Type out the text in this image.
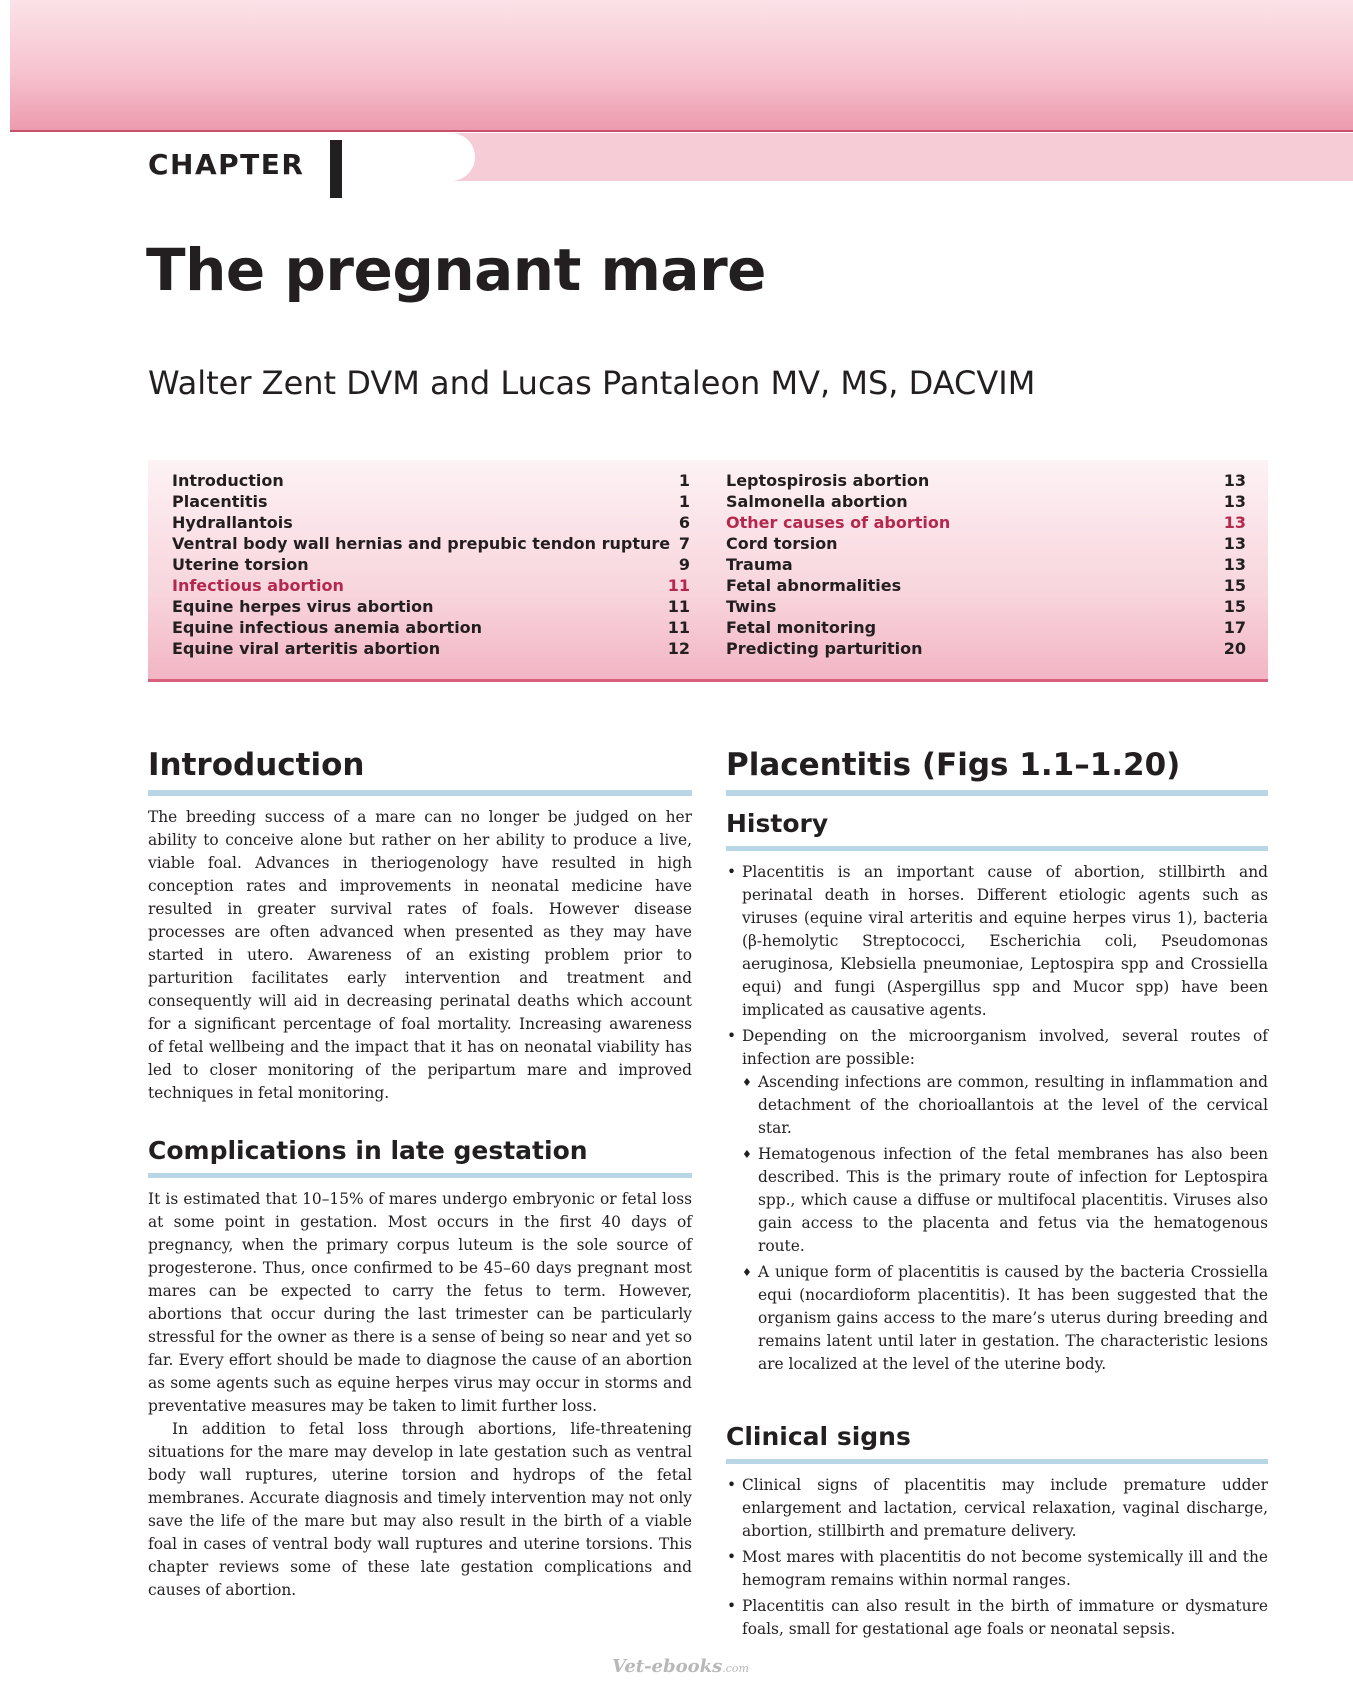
CHAPTER
The pregnant mare
Walter Zent DVM and Lucas Pantaleon MV, MS, DACVIM
Introduction	1
Placentitis	1
Hydrallantois	6
Ventral body wall hernias and prepubic tendon rupture 7
Uterine torsion	9
Infectious abortion	11
Equine herpes virus abortion	11
Equine infectious anemia abortion	11
Equine viral arteritis abortion	12
Leptospirosis abortion	13
Salmonella abortion	13
Other causes of abortion	13
Cord torsion	13
Trauma	13
Fetal abnormalities	15
Twins	15
Fetal monitoring	17
Predicting parturition	20
Introduction

The breeding success of a mare can no longer be judged on her ability to conceive alone but rather on her ability to produce a live, viable foal. Advances in theriogenology have resulted in high conception rates and improvements in neonatal medicine have resulted in greater survival rates of foals. However disease processes are often advanced when presented as they may have started in utero. Awareness of an existing problem prior to parturition facilitates early intervention and treatment and consequently will aid in decreasing perinatal deaths which account for a significant percentage of foal mortality. Increasing awareness of fetal wellbeing and the impact that it has on neonatal viability has led to closer monitoring of the peripartum mare and improved techniques in fetal monitoring.

Complications in late gestation

It is estimated that 10–15% of mares undergo embryonic or fetal loss at some point in gestation. Most occurs in the first 40 days of pregnancy, when the primary corpus luteum is the sole source of progesterone. Thus, once confirmed to be 45–60 days pregnant most mares can be expected to carry the fetus to term. However, abortions that occur during the last trimester can be particularly stressful for the owner as there is a sense of being so near and yet so far. Every effort should be made to diagnose the cause of an abortion as some agents such as equine herpes virus may occur in storms and preventative measures may be taken to limit further loss.

In addition to fetal loss through abortions, life-threatening situations for the mare may develop in late gestation such as ventral body wall ruptures, uterine torsion and hydrops of the fetal membranes. Accurate diagnosis and timely intervention may not only save the life of the mare but may also result in the birth of a viable foal in cases of ventral body wall ruptures and uterine torsions. This chapter reviews some of these late gestation complications and causes of abortion.

Placentitis (Figs 1.1–1.20)
History
• Placentitis is an important cause of abortion, stillbirth and perinatal death in horses. Different etiologic agents such as viruses (equine viral arteritis and equine herpes virus 1), bacteria (β-hemolytic Streptococci, Escherichia coli, Pseudomonas aeruginosa, Klebsiella pneumoniae, Leptospira spp and Crossiella equi) and fungi (Aspergillus spp and Mucor spp) have been implicated as causative agents.
• Depending on the microorganism involved, several routes of infection are possible:
♦ Ascending infections are common, resulting in inflammation and detachment of the chorioallantois at the level of the cervical star.
♦ Hematogenous infection of the fetal membranes has also been described. This is the primary route of infection for Leptospira spp., which cause a diffuse or multifocal placentitis. Viruses also gain access to the placenta and fetus via the hematogenous route.
♦ A unique form of placentitis is caused by the bacteria Crossiella equi (nocardioform placentitis). It has been suggested that the organism gains access to the mare’s uterus during breeding and remains latent until later in gestation. The characteristic lesions are localized at the level of the uterine body.
Clinical signs
• Clinical signs of placentitis may include premature udder enlargement and lactation, cervical relaxation, vaginal discharge, abortion, stillbirth and premature delivery.
• Most mares with placentitis do not become systemically ill and the hemogram remains within normal ranges.
• Placentitis can also result in the birth of immature or dysmature foals, small for gestational age foals or neonatal sepsis.
Vet-ebooks.com
